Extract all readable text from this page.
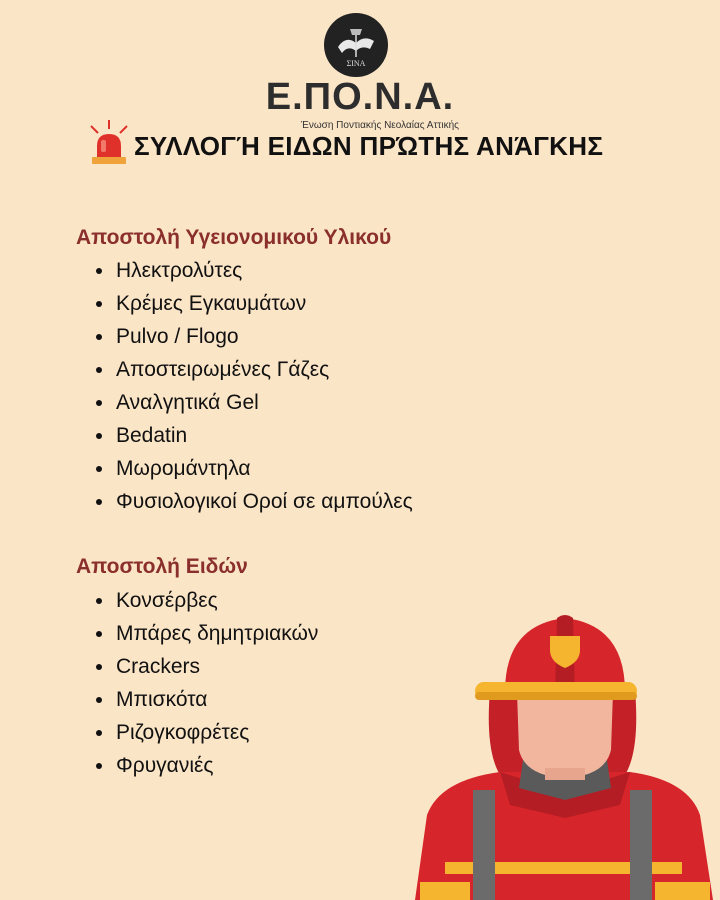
ΣΙΝΑ
Ε.ΠΟ.Ν.Α.
Ένωση Ποντιακής Νεολαίας Αττικής
ΣΥΛΛΟΓΉ ΕΙΔΩΝ ΠΡΏΤΗΣ ΑΝΆΓΚΗΣ
Αποστολή Υγειονομικού Υλικού
Ηλεκτρολύτες
Κρέμες Εγκαυμάτων
Pulvo / Flogo
Αποστειρωμένες Γάζες
Αναλγητικά Gel
Bedatin
Μωρομάντηλα
Φυσιολογικοί Οροί σε αμπούλες
Αποστολή Ειδών
Κονσέρβες
Μπάρες δημητριακών
Crackers
Μπισκότα
Ριζογκοφρέτες
Φρυγανιές
